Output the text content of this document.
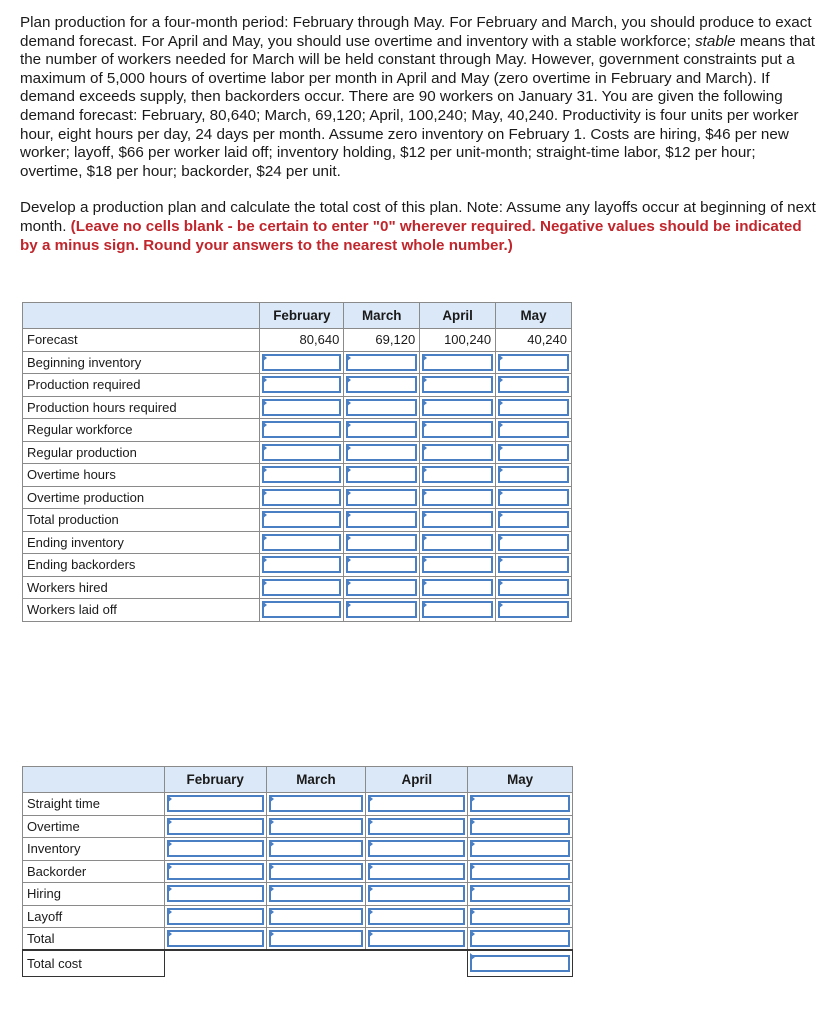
Plan production for a four-month period: February through May. For February and March, you should produce to exact demand forecast. For April and May, you should use overtime and inventory with a stable workforce; stable means that the number of workers needed for March will be held constant through May. However, government constraints put a maximum of 5,000 hours of overtime labor per month in April and May (zero overtime in February and March). If demand exceeds supply, then backorders occur. There are 90 workers on January 31. You are given the following demand forecast: February, 80,640; March, 69,120; April, 100,240; May, 40,240. Productivity is four units per worker hour, eight hours per day, 24 days per month. Assume zero inventory on February 1. Costs are hiring, $46 per new worker; layoff, $66 per worker laid off; inventory holding, $12 per unit-month; straight-time labor, $12 per hour; overtime, $18 per hour; backorder, $24 per unit.

Develop a production plan and calculate the total cost of this plan. Note: Assume any layoffs occur at beginning of next month. (Leave no cells blank - be certain to enter "0" wherever required. Negative values should be indicated by a minus sign. Round your answers to the nearest whole number.)

	February	March	April	May
Forecast	80,640	69,120	100,240	40,240
Beginning inventory	

Production required	

Production hours required	

Regular workforce	

Regular production	

Overtime hours	

Overtime production	

Total production	

Ending inventory	

Ending backorders	

Workers hired	

Workers laid off	

	February	March	April	May
Straight time	

Overtime	

Inventory	

Backorder	

Hiring	

Layoff	

Total	

Total cost				
